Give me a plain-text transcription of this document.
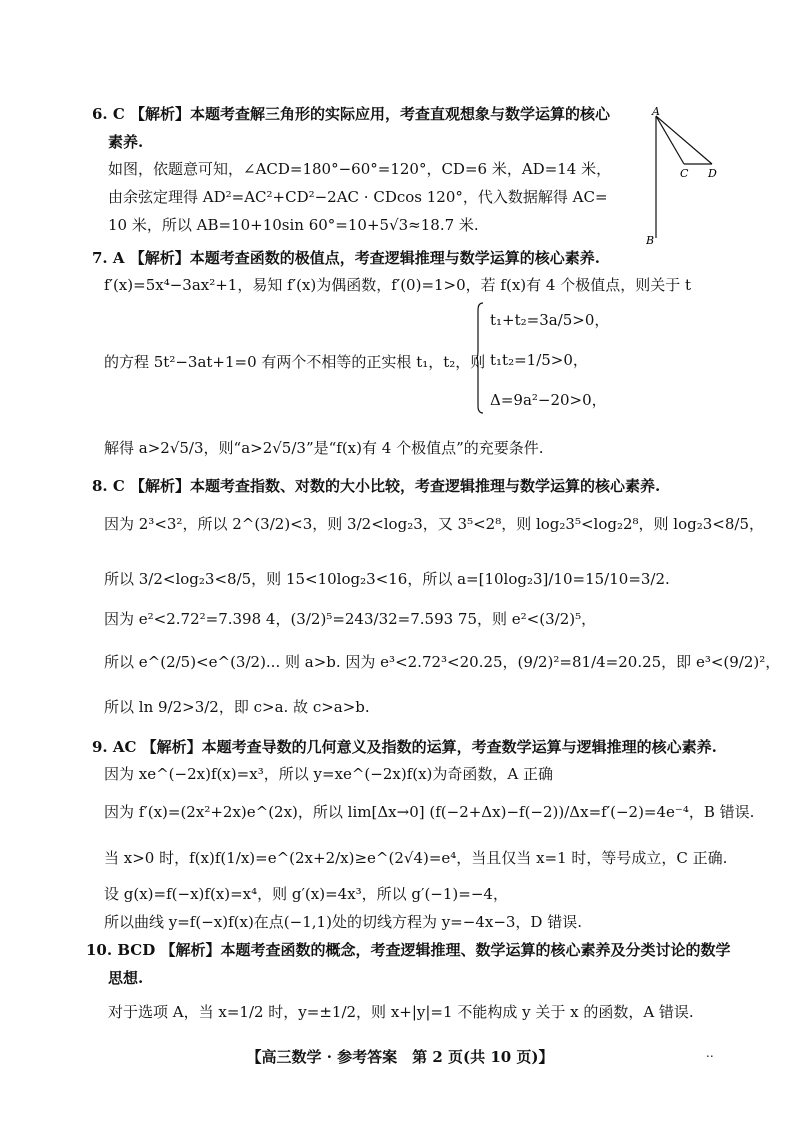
6. C 【解析】本题考查解三角形的实际应用，考查直观想象与数学运算的核心
素养.
如图，依题意可知，∠ACD=180°−60°=120°，CD=6 米，AD=14 米，
由余弦定理得 AD²=AC²+CD²−2AC · CDcos 120°，代入数据解得 AC=
10 米，所以 AB=10+10sin 60°=10+5√3≈18.7 米.
A
C D
B
7. A 【解析】本题考查函数的极值点，考查逻辑推理与数学运算的核心素养.
f′(x)=5x⁴−3ax²+1，易知 f′(x)为偶函数，f′(0)=1>0，若 f(x)有 4 个极值点，则关于 t
的方程 5t²−3at+1=0 有两个不相等的正实根 t₁，t₂，则
t₁+t₂=3a/5>0，
t₁t₂=1/5>0，
Δ=9a²−20>0，
解得 a>2√5/3，则“a>2√5/3”是“f(x)有 4 个极值点”的充要条件.
8. C 【解析】本题考查指数、对数的大小比较，考查逻辑推理与数学运算的核心素养.
因为 2³<3²，所以 2^(3/2)<3，则 3/2<log₂3，又 3⁵<2⁸，则 log₂3⁵<log₂2⁸，则 log₂3<8/5，
所以 3/2<log₂3<8/5，则 15<10log₂3<16，所以 a=[10log₂3]/10=15/10=3/2.
因为 e²<2.72²=7.398 4，(3/2)⁵=243/32=7.593 75，则 e²<(3/2)⁵，
所以 e^(2/5)<e^(3/2)... 则 a>b. 因为 e³<2.72³<20.25，(9/2)²=81/4=20.25，即 e³<(9/2)²，
所以 ln 9/2>3/2，即 c>a. 故 c>a>b.
9. AC 【解析】本题考查导数的几何意义及指数的运算，考查数学运算与逻辑推理的核心素养.
因为 xe^(−2x)f(x)=x³，所以 y=xe^(−2x)f(x)为奇函数，A 正确
因为 f′(x)=(2x²+2x)e^(2x)，所以 lim[Δx→0] (f(−2+Δx)−f(−2))/Δx=f′(−2)=4e⁻⁴，B 错误.
当 x>0 时，f(x)f(1/x)=e^(2x+2/x)≥e^(2√4)=e⁴，当且仅当 x=1 时，等号成立，C 正确.
设 g(x)=f(−x)f(x)=x⁴，则 g′(x)=4x³，所以 g′(−1)=−4，
所以曲线 y=f(−x)f(x)在点(−1,1)处的切线方程为 y=−4x−3，D 错误.
10. BCD 【解析】本题考查函数的概念，考查逻辑推理、数学运算的核心素养及分类讨论的数学
思想.
对于选项 A，当 x=1/2 时，y=±1/2，则 x+|y|=1 不能构成 y 关于 x 的函数，A 错误.
【高三数学 · 参考答案　第 2 页(共 10 页)】	..
